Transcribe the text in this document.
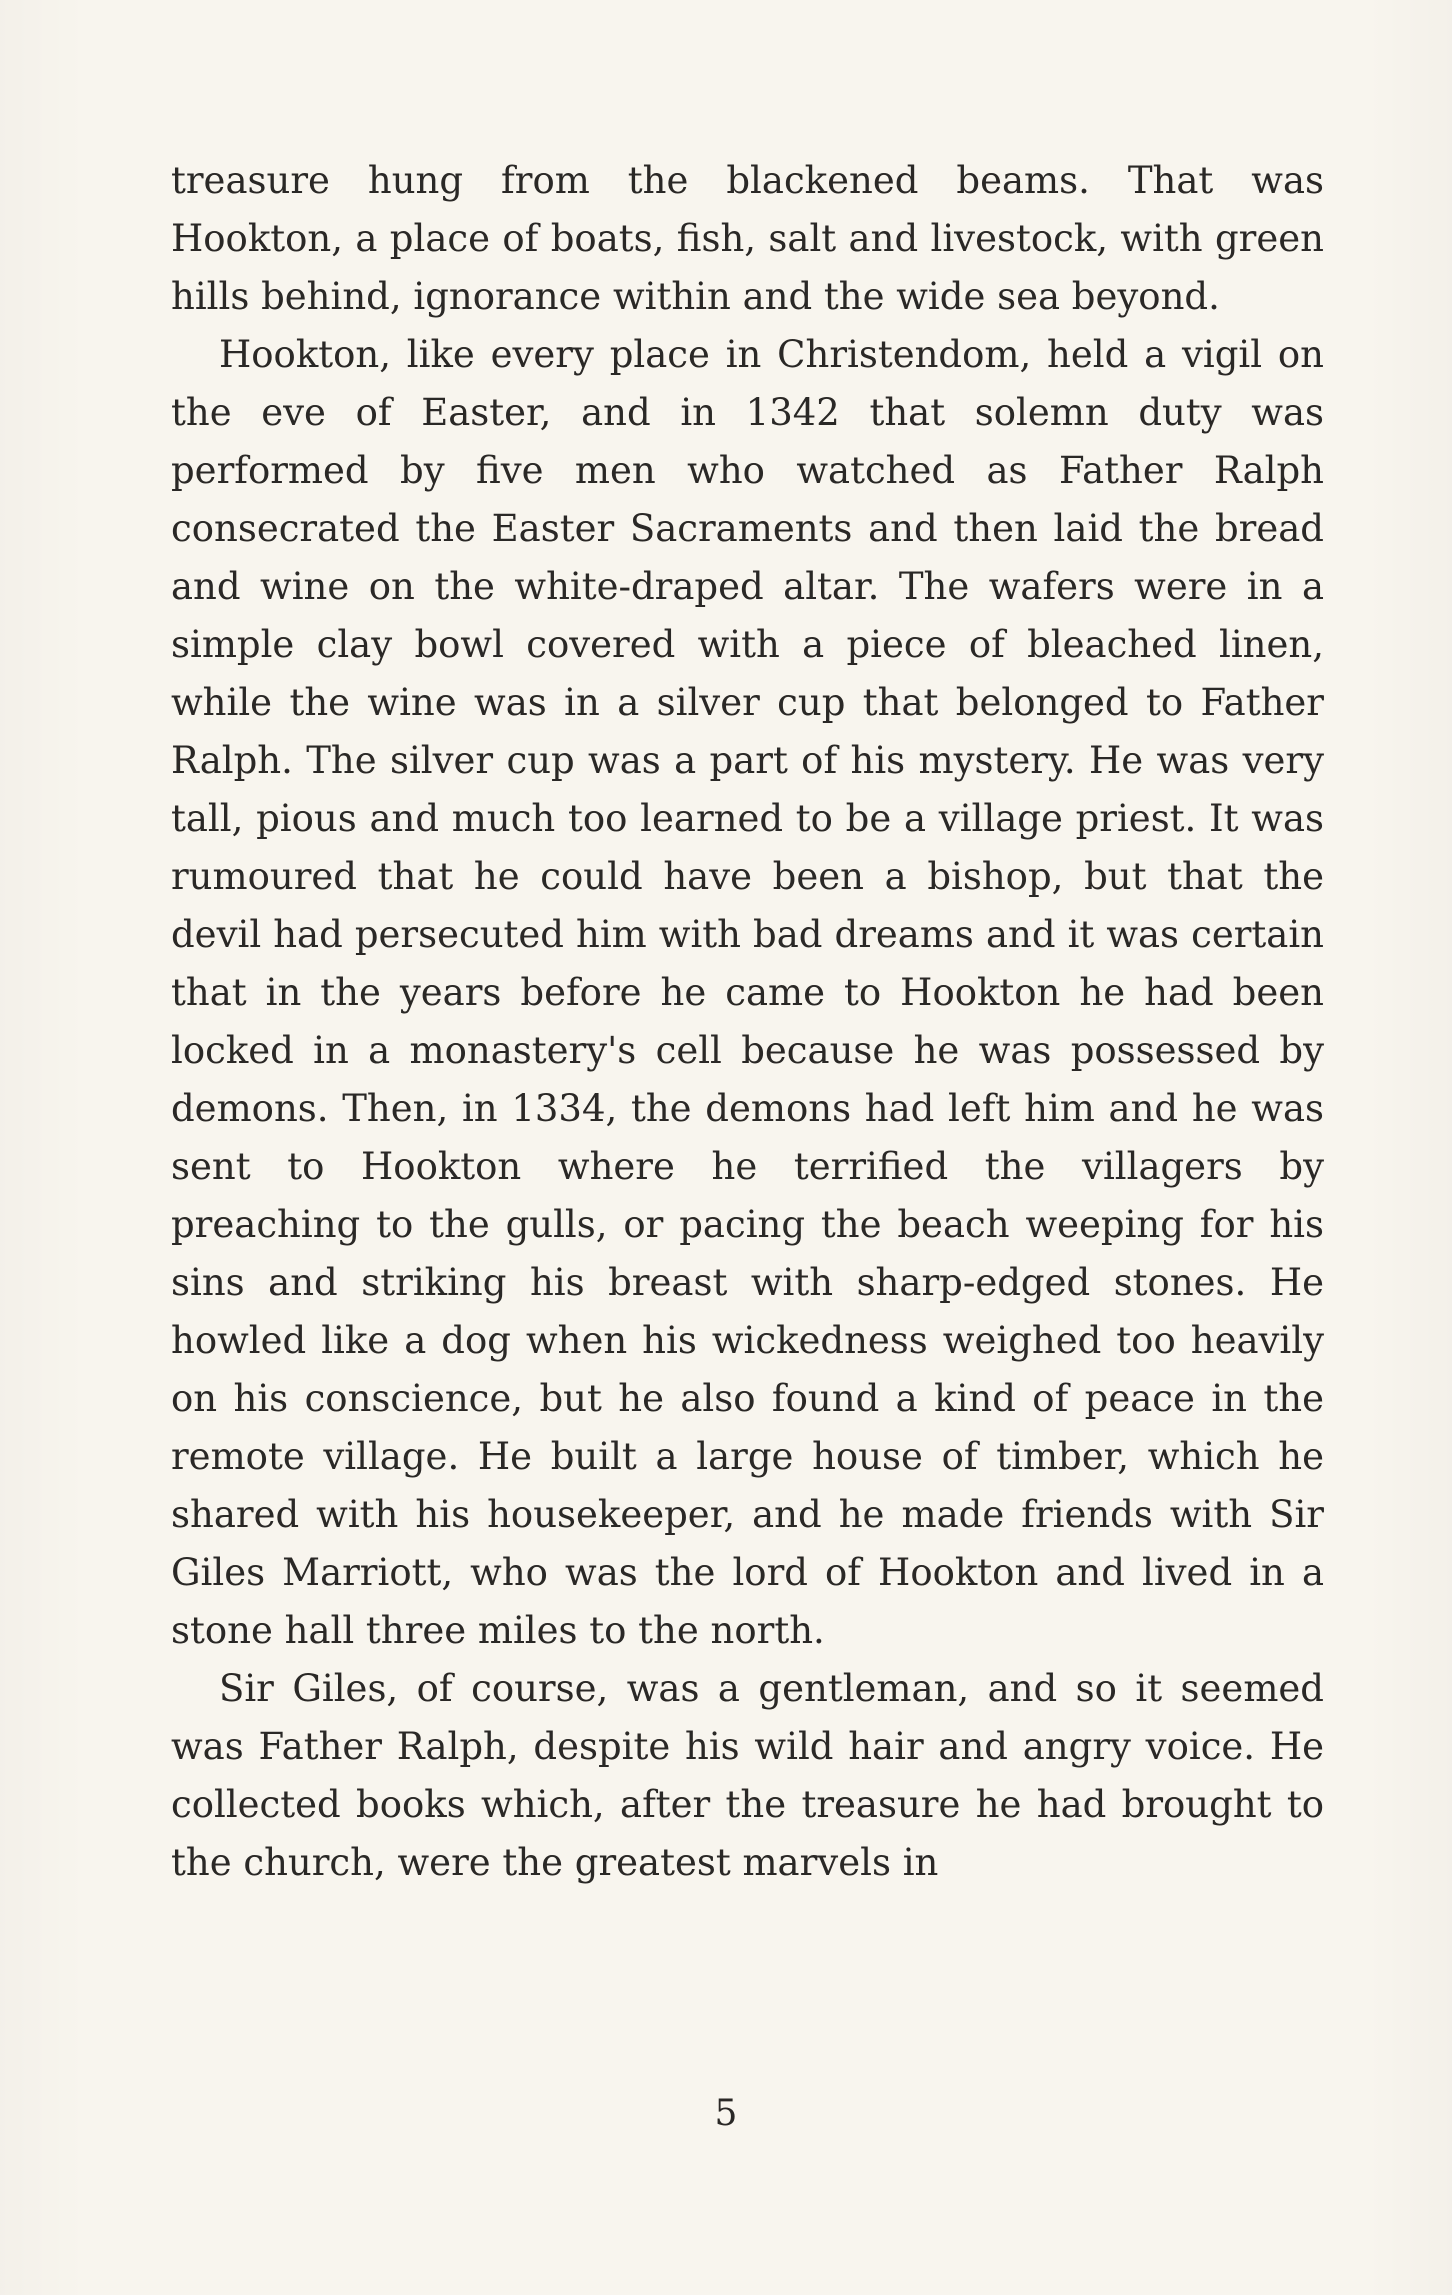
treasure hung from the blackened beams. That was Hookton, a place of boats, fish, salt and livestock, with green hills behind, ignorance within and the wide sea beyond.

Hookton, like every place in Christendom, held a vigil on the eve of Easter, and in 1342 that solemn duty was performed by five men who watched as Father Ralph consecrated the Easter Sacraments and then laid the bread and wine on the white-draped altar. The wafers were in a simple clay bowl covered with a piece of bleached linen, while the wine was in a silver cup that belonged to Father Ralph. The silver cup was a part of his mystery. He was very tall, pious and much too learned to be a village priest. It was rumoured that he could have been a bishop, but that the devil had persecuted him with bad dreams and it was certain that in the years before he came to Hookton he had been locked in a monastery's cell because he was possessed by demons. Then, in 1334, the demons had left him and he was sent to Hookton where he terrified the villagers by preaching to the gulls, or pacing the beach weeping for his sins and striking his breast with sharp-edged stones. He howled like a dog when his wickedness weighed too heavily on his conscience, but he also found a kind of peace in the remote village. He built a large house of timber, which he shared with his housekeeper, and he made friends with Sir Giles Marriott, who was the lord of Hookton and lived in a stone hall three miles to the north.

Sir Giles, of course, was a gentleman, and so it seemed was Father Ralph, despite his wild hair and angry voice. He collected books which, after the treasure he had brought to the church, were the greatest marvels in

5
